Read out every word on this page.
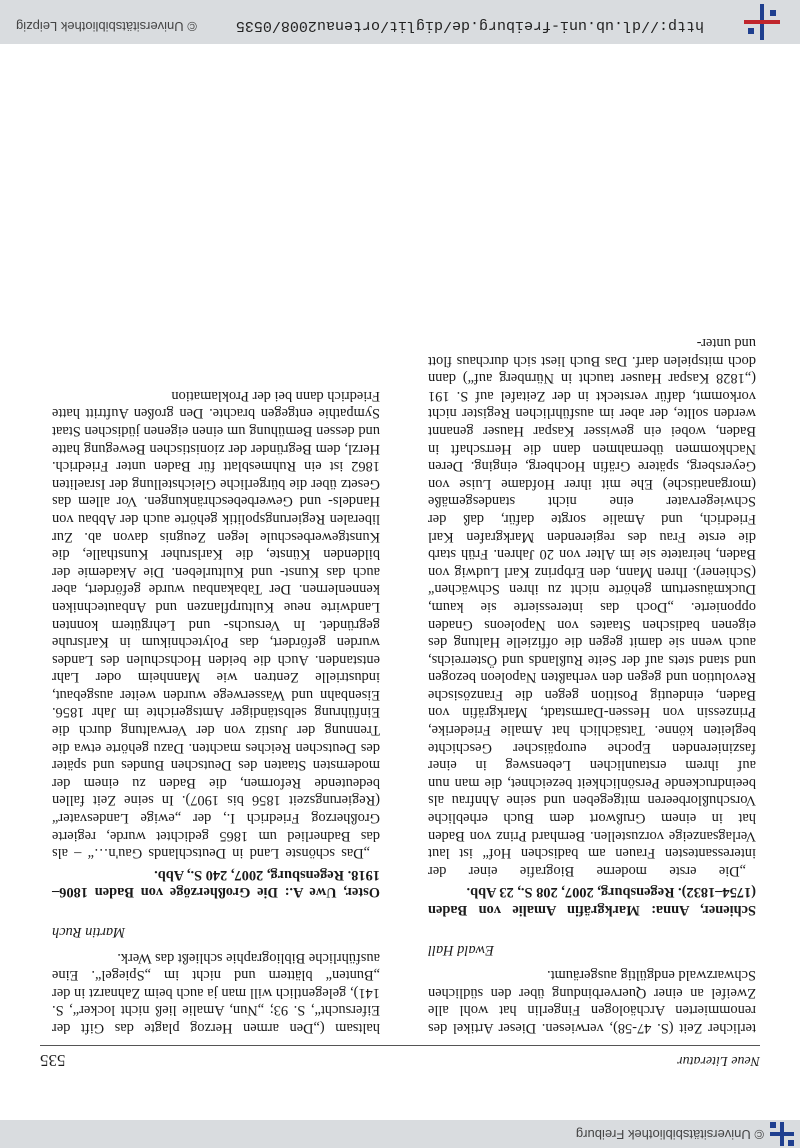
© Universitätsbibliothek Freiburg
Neue Literatur
535

terlicher Zeit (S. 47-58), verwiesen. Dieser Artikel des renommierten Archäologen Fingerlin hat wohl alle Zweifel an einer Querverbindung über den südlichen Schwarzwald endgültig ausgeräumt.

Ewald Hall

Schiener, Anna: Markgräfin Amalie von Baden (1754–1832). Regensburg, 2007, 208 S., 23 Abb.

„Die erste moderne Biografie einer der interessantesten Frauen am badischen Hof“ ist laut Verlagsanzeige vorzustellen. Bernhard Prinz von Baden hat in einem Grußwort dem Buch erhebliche Vorschußlorbeeren mitgegeben und seine Ahnfrau als beeindruckende Persönlichkeit bezeichnet, die man nun auf ihrem erstaunlichen Lebensweg in einer faszinierenden Epoche europäischer Geschichte begleiten könne. Tatsächlich hat Amalie Friederike, Prinzessin von Hessen-Darmstadt, Markgräfin von Baden, eindeutig Position gegen die Französische Revolution und gegen den verhaßten Napoleon bezogen und stand stets auf der Seite Rußlands und Österreichs, auch wenn sie damit gegen die offizielle Haltung des eigenen badischen Staates von Napoleons Gnaden opponierte. „Doch das interessierte sie kaum, Duckmäusertum gehörte nicht zu ihren Schwächen“ (Schiener). Ihren Mann, den Erbprinz Karl Ludwig von Baden, heiratete sie im Alter von 20 Jahren. Früh starb die erste Frau des regierenden Markgrafen Karl Friedrich, und Amalie sorgte dafür, daß der Schwiegervater eine nicht standesgemäße (morganatische) Ehe mit ihrer Hofdame Luise von Geyersberg, spätere Gräfin Hochberg, einging. Deren Nachkommen übernahmen dann die Herrschaft in Baden, wobei ein gewisser Kaspar Hauser genannt werden sollte, der aber im ausführlichen Register nicht vorkommt, dafür versteckt in der Zeitafel auf S. 191 („1828 Kaspar Hauser taucht in Nürnberg auf“) dann doch mitspielen darf. Das Buch liest sich durchaus flott und unter-

haltsam („Den armen Herzog plagte das Gift der Eifersucht“, S. 93; „Nun, Amalie ließ nicht locker“, S. 141), gelegentlich will man ja auch beim Zahnarzt in der „Bunten“ blättern und nicht im „Spiegel“. Eine ausführliche Bibliographie schließt das Werk.

Martin Ruch

Oster, Uwe A.: Die Großherzöge von Baden 1806–1918. Regensburg, 2007, 240 S., Abb.

„Das schönste Land in Deutschlands Gau'n…“ – als das Badnerlied um 1865 gedichtet wurde, regierte Großherzog Friedrich I., der „ewige Landesvater“ (Regierungszeit 1856 bis 1907). In seine Zeit fallen bedeutende Reformen, die Baden zu einem der modernsten Staaten des Deutschen Bundes und später des Deutschen Reiches machten. Dazu gehörte etwa die Trennung der Justiz von der Verwaltung durch die Einführung selbständiger Amtsgerichte im Jahr 1856. Eisenbahn und Wasserwege wurden weiter ausgebaut, industrielle Zentren wie Mannheim oder Lahr entstanden. Auch die beiden Hochschulen des Landes wurden gefördert, das Polytechnikum in Karlsruhe gegründet. In Versuchs- und Lehrgütern konnten Landwirte neue Kulturpflanzen und Anbautechniken kennenlernen. Der Tabakanbau wurde gefördert, aber auch das Kunst- und Kulturleben. Die Akademie der bildenden Künste, die Karlsruher Kunsthalle, die Kunstgewerbeschule legen Zeugnis davon ab. Zur liberalen Regierungspolitik gehörte auch der Abbau von Handels- und Gewerbebeschränkungen. Vor allem das Gesetz über die bürgerliche Gleichstellung der Israeliten 1862 ist ein Ruhmesblatt für Baden unter Friedrich. Herzl, dem Begründer der zionistischen Bewegung hatte und dessen Bemühung um einen eigenen jüdischen Staat Sympathie entgegen brachte. Den großen Auftritt hatte Friedrich dann bei der Proklamation

http://dl.ub.uni-freiburg.de/diglit/ortenau2008/0535
© Universitätsbibliothek Leipzig
